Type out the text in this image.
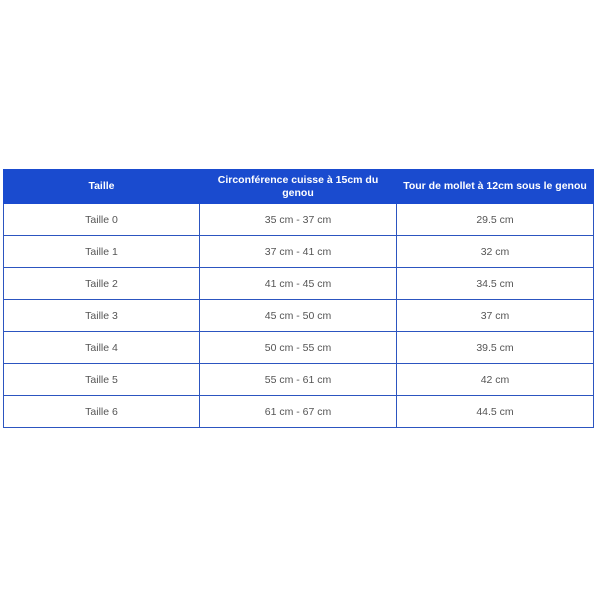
Taille	Circonférence cuisse à 15cm du genou	Tour de mollet à 12cm sous le genou
Taille 0	35 cm - 37 cm	29.5 cm
Taille 1	37 cm - 41 cm	32 cm
Taille 2	41 cm - 45 cm	34.5 cm
Taille 3	45 cm - 50 cm	37 cm
Taille 4	50 cm - 55 cm	39.5 cm
Taille 5	55 cm - 61 cm	42 cm
Taille 6	61 cm - 67 cm	44.5 cm
